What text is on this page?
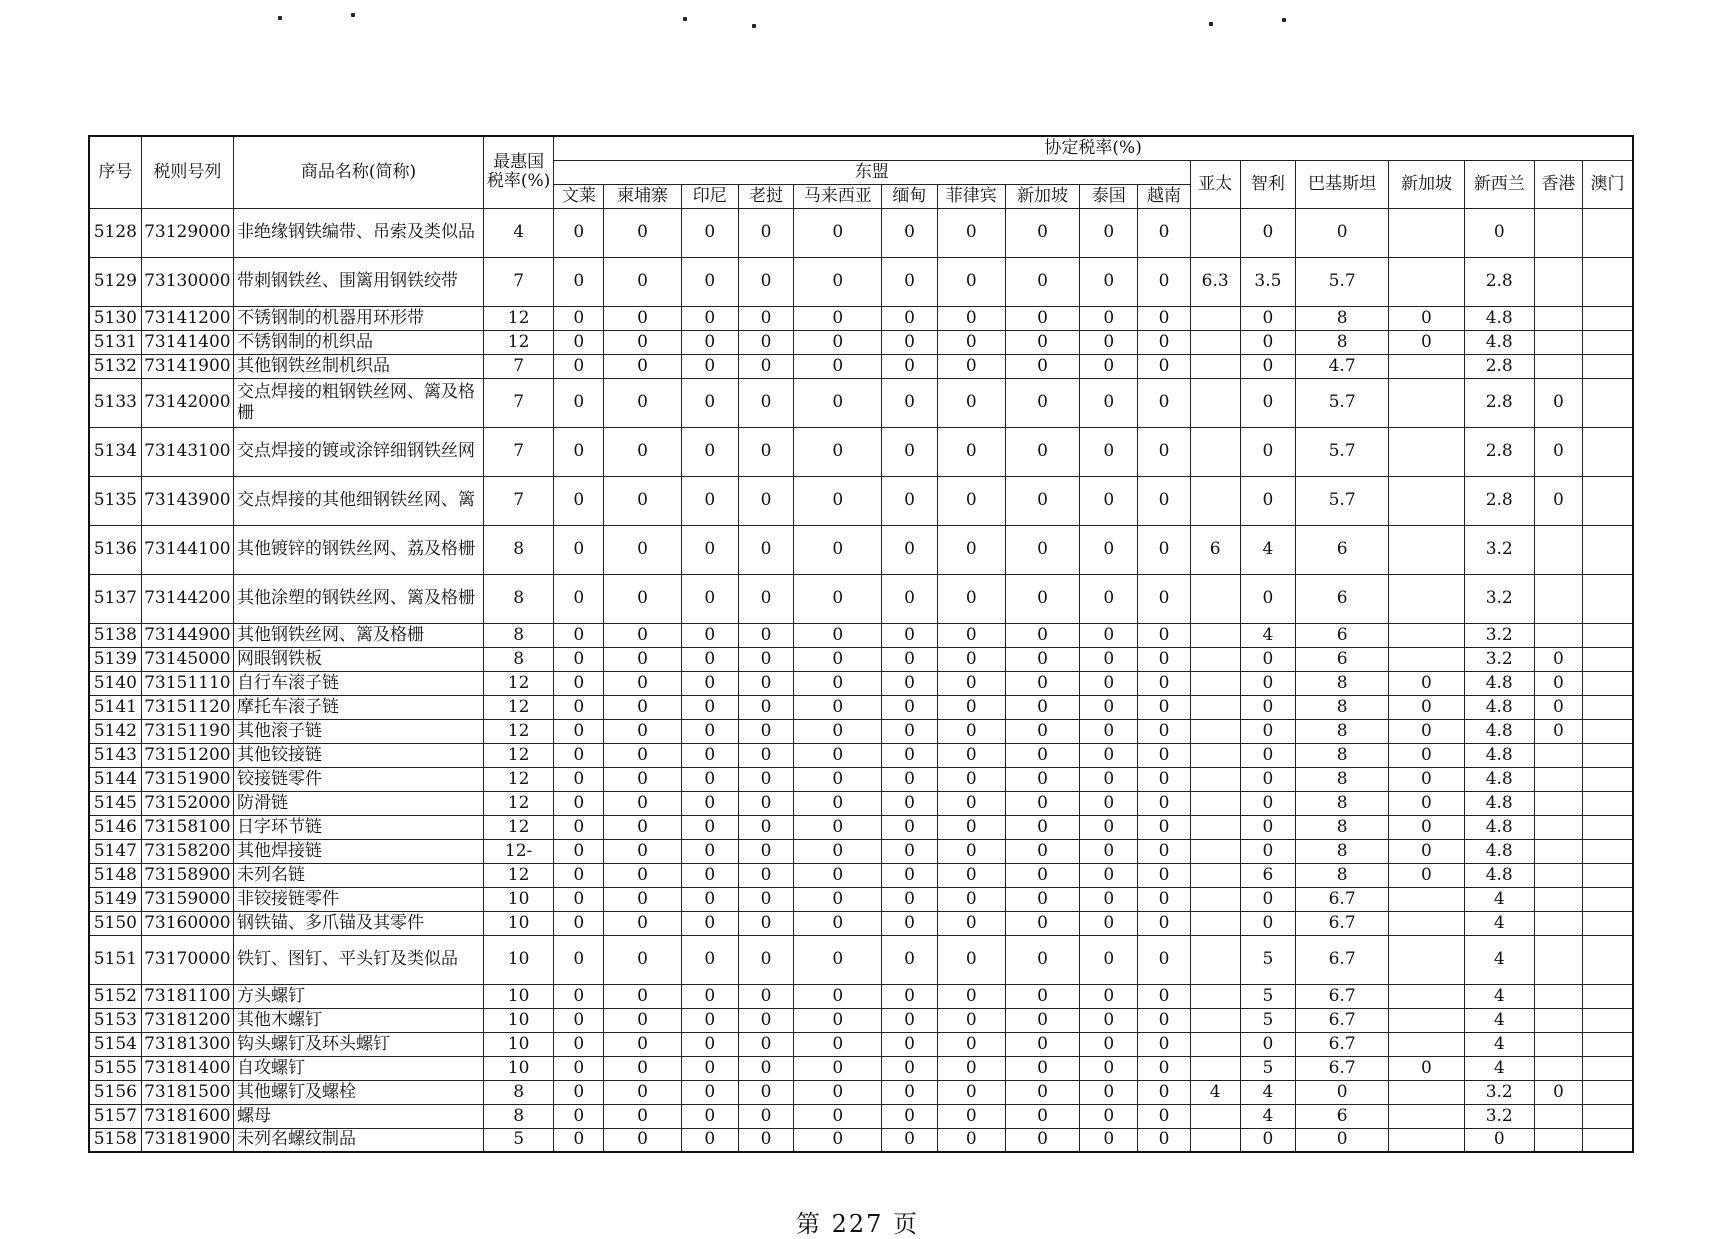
序号	税则号列	商品名称(简称)	最惠国税率(%)	协定税率(%)																
				东盟										亚太	智利	巴基斯坦	新加坡	新西兰	香港	澳门
				文莱	柬埔寨	印尼	老挝	马来西亚	缅甸	菲律宾	新加坡	泰国	越南							
5128	73129000	非绝缘钢铁编带、吊索及类似品	4	0	0	0	0	0	0	0	0	0	0		0	0		0		
5129	73130000	带刺钢铁丝、围篱用钢铁绞带	7	0	0	0	0	0	0	0	0	0	0	6.3	3.5	5.7		2.8		
5130	73141200	不锈钢制的机器用环形带	12	0	0	0	0	0	0	0	0	0	0		0	8	0	4.8		
5131	73141400	不锈钢制的机织品	12	0	0	0	0	0	0	0	0	0	0		0	8	0	4.8		
5132	73141900	其他钢铁丝制机织品	7	0	0	0	0	0	0	0	0	0	0		0	4.7		2.8		
5133	73142000	交点焊接的粗钢铁丝网、篱及格栅	7	0	0	0	0	0	0	0	0	0	0		0	5.7		2.8	0	
5134	73143100	交点焊接的镀或涂锌细钢铁丝网	7	0	0	0	0	0	0	0	0	0	0		0	5.7		2.8	0	
5135	73143900	交点焊接的其他细钢铁丝网、篱	7	0	0	0	0	0	0	0	0	0	0		0	5.7		2.8	0	
5136	73144100	其他镀锌的钢铁丝网、荔及格栅	8	0	0	0	0	0	0	0	0	0	0	6	4	6		3.2		
5137	73144200	其他涂塑的钢铁丝网、篱及格栅	8	0	0	0	0	0	0	0	0	0	0		0	6		3.2		
5138	73144900	其他钢铁丝网、篱及格栅	8	0	0	0	0	0	0	0	0	0	0		4	6		3.2		
5139	73145000	网眼钢铁板	8	0	0	0	0	0	0	0	0	0	0		0	6		3.2	0	
5140	73151110	自行车滚子链	12	0	0	0	0	0	0	0	0	0	0		0	8	0	4.8	0	
5141	73151120	摩托车滚子链	12	0	0	0	0	0	0	0	0	0	0		0	8	0	4.8	0	
5142	73151190	其他滚子链	12	0	0	0	0	0	0	0	0	0	0		0	8	0	4.8	0	
5143	73151200	其他铰接链	12	0	0	0	0	0	0	0	0	0	0		0	8	0	4.8		
5144	73151900	铰接链零件	12	0	0	0	0	0	0	0	0	0	0		0	8	0	4.8		
5145	73152000	防滑链	12	0	0	0	0	0	0	0	0	0	0		0	8	0	4.8		
5146	73158100	日字环节链	12	0	0	0	0	0	0	0	0	0	0		0	8	0	4.8		
5147	73158200	其他焊接链	12-	0	0	0	0	0	0	0	0	0	0		0	8	0	4.8		
5148	73158900	未列名链	12	0	0	0	0	0	0	0	0	0	0		6	8	0	4.8		
5149	73159000	非铰接链零件	10	0	0	0	0	0	0	0	0	0	0		0	6.7		4		
5150	73160000	钢铁锚、多爪锚及其零件	10	0	0	0	0	0	0	0	0	0	0		0	6.7		4		
5151	73170000	铁钉、图钉、平头钉及类似品	10	0	0	0	0	0	0	0	0	0	0		5	6.7		4		
5152	73181100	方头螺钉	10	0	0	0	0	0	0	0	0	0	0		5	6.7		4		
5153	73181200	其他木螺钉	10	0	0	0	0	0	0	0	0	0	0		5	6.7		4		
5154	73181300	钩头螺钉及环头螺钉	10	0	0	0	0	0	0	0	0	0	0		0	6.7		4		
5155	73181400	自攻螺钉	10	0	0	0	0	0	0	0	0	0	0		5	6.7	0	4		
5156	73181500	其他螺钉及螺栓	8	0	0	0	0	0	0	0	0	0	0	4	4	0		3.2	0	
5157	73181600	螺母	8	0	0	0	0	0	0	0	0	0	0		4	6		3.2		
5158	73181900	未列名螺纹制品	5	0	0	0	0	0	0	0	0	0	0		0	0		0		
第 227 页
